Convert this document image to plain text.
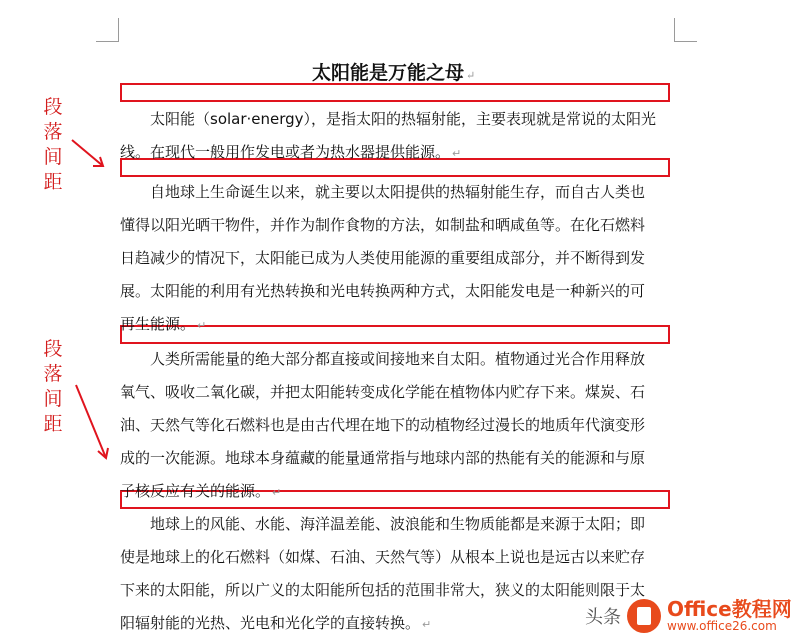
太阳能是万能之母 ↵
太阳能（solar·energy），是指太阳的热辐射能，主要表现就是常说的太阳光
线。在现代一般用作发电或者为热水器提供能源。 ↵
自地球上生命诞生以来，就主要以太阳提供的热辐射能生存，而自古人类也
懂得以阳光晒干物件，并作为制作食物的方法，如制盐和晒咸鱼等。在化石燃料
日趋减少的情况下，太阳能已成为人类使用能源的重要组成部分，并不断得到发
展。太阳能的利用有光热转换和光电转换两种方式，太阳能发电是一种新兴的可
再生能源。 ↵
人类所需能量的绝大部分都直接或间接地来自太阳。植物通过光合作用释放
氧气、吸收二氧化碳，并把太阳能转变成化学能在植物体内贮存下来。煤炭、石
油、天然气等化石燃料也是由古代埋在地下的动植物经过漫长的地质年代演变形
成的一次能源。地球本身蕴藏的能量通常指与地球内部的热能有关的能源和与原
子核反应有关的能源。 ↵
地球上的风能、水能、海洋温差能、波浪能和生物质能都是来源于太阳；即
使是地球上的化石燃料（如煤、石油、天然气等）从根本上说也是远古以来贮存
下来的太阳能，所以广义的太阳能所包括的范围非常大，狭义的太阳能则限于太
阳辐射能的光热、光电和光化学的直接转换。 ↵
段
落
间
距
段
落
间
距
头条 Office教程网
www.office26.com
